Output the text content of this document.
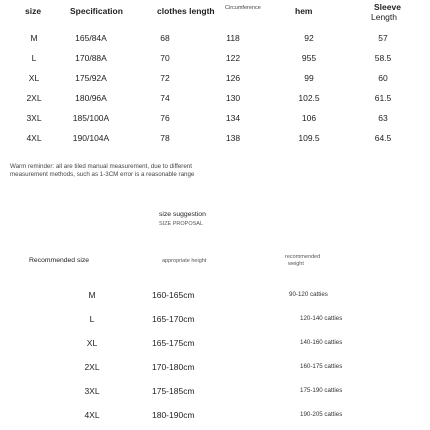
size	Specification	clothes length Circumference	hem	Sleeve
Length
M	165/84A	68	118	92	57
L	170/88A	70	122	955	58.5
XL	175/92A	72	126	99	60
2XL	180/96A	74	130	102.5	61.5
3XL	185/100A	76	134	106	63
4XL	190/104A	78	138	109.5	64.5
Warm reminder: all are tiled manual measurement, due to different
measurement methods, such as 1-3CM error is a reasonable range
size suggestion
SIZE PROPOSAL
Recommended size	appropriate height
recommended
weight
M	160-165cm	90-120 catties
L	165-170cm	120-140 catties
XL	165-175cm	140-160 catties
2XL	170-180cm	160-175 catties
3XL	175-185cm	175-190 catties
4XL	180-190cm	190-205 catties
